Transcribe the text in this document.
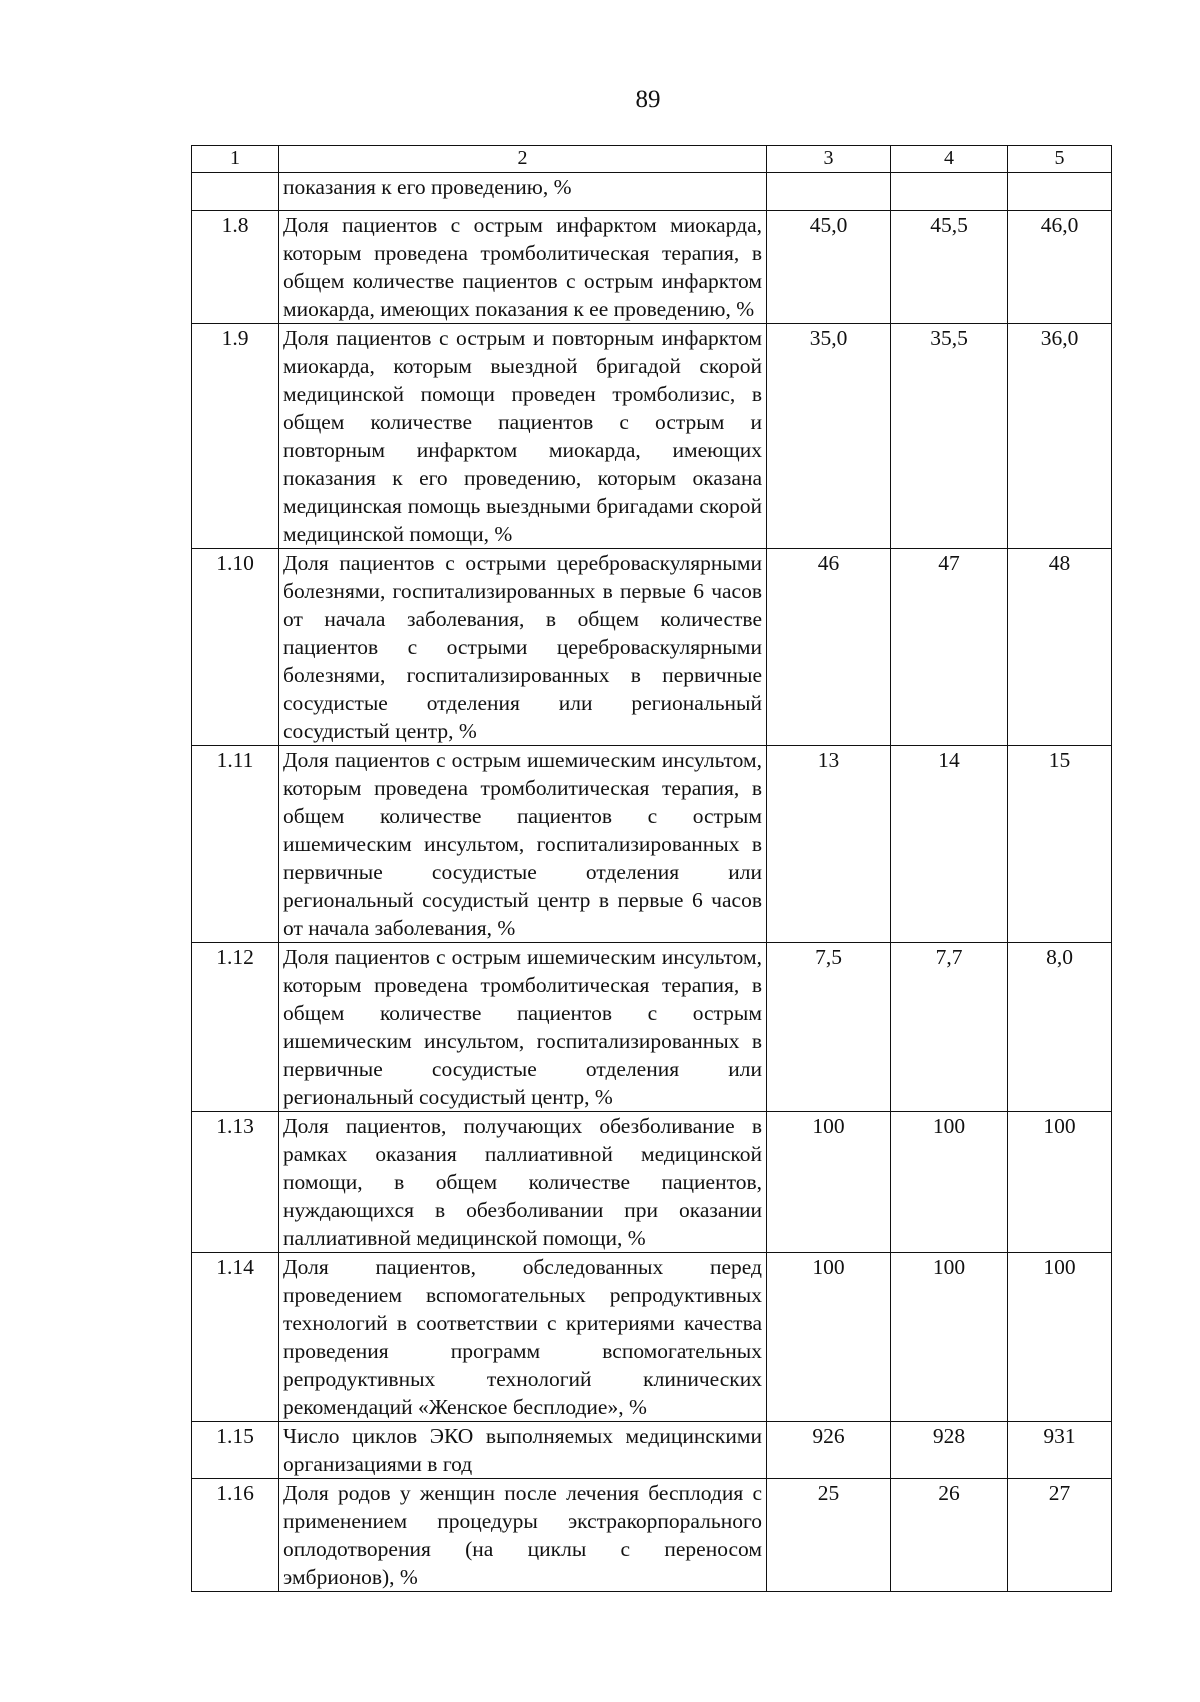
89
1	2	3	4	5
	показания к его проведению, %			
1.8	Доля пациентов с острым инфарктом миокарда, которым проведена тромболитическая терапия, в общем количестве пациентов с острым инфарктом миокарда, имеющих показания к ее проведению, %	45,0	45,5	46,0
1.9	Доля пациентов с острым и повторным инфарктом миокарда, которым выездной бригадой скорой медицинской помощи проведен тромболизис, в общем количестве пациентов с острым и повторным инфарктом миокарда, имеющих показания к его проведению, которым оказана медицинская помощь выездными бригадами скорой медицинской помощи, %	35,0	35,5	36,0
1.10	Доля пациентов с острыми цереброваскулярными болезнями, госпитализированных в первые 6 часов от начала заболевания, в общем количестве пациентов с острыми цереброваскулярными болезнями, госпитализированных в первичные сосудистые отделения или региональный сосудистый центр, %	46	47	48
1.11	Доля пациентов с острым ишемическим инсультом, которым проведена тромболитическая терапия, в общем количестве пациентов с острым ишемическим инсультом, госпитализированных в первичные сосудистые отделения или региональный сосудистый центр в первые 6 часов от начала заболевания, %	13	14	15
1.12	Доля пациентов с острым ишемическим инсультом, которым проведена тромболитическая терапия, в общем количестве пациентов с острым ишемическим инсультом, госпитализированных в первичные сосудистые отделения или региональный сосудистый центр, %	7,5	7,7	8,0
1.13	Доля пациентов, получающих обезболивание в рамках оказания паллиативной медицинской помощи, в общем количестве пациентов, нуждающихся в обезболивании при оказании паллиативной медицинской помощи, %	100	100	100
1.14	Доля пациентов, обследованных перед проведением вспомогательных репродуктивных технологий в соответствии с критериями качества проведения программ вспомогательных репродуктивных технологий клинических рекомендаций «Женское бесплодие», %	100	100	100
1.15	Число циклов ЭКО выполняемых медицинскими организациями в год	926	928	931
1.16	Доля родов у женщин после лечения бесплодия с применением процедуры экстракорпорального оплодотворения (на циклы с переносом эмбрионов), %	25	26	27
